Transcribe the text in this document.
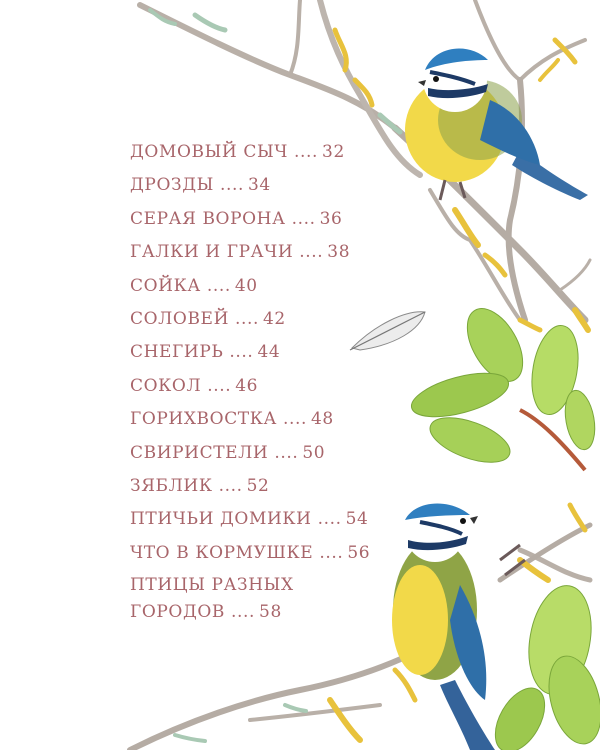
ДОМОВЫЙ СЫЧ .... 32
ДРОЗДЫ .... 34
СЕРАЯ ВОРОНА .... 36
ГАЛКИ И ГРАЧИ .... 38
СОЙКА .... 40
СОЛОВЕЙ .... 42
СНЕГИРЬ .... 44
СОКОЛ .... 46
ГОРИХВОСТКА .... 48
СВИРИСТЕЛИ .... 50
ЗЯБЛИК .... 52
ПТИЧЬИ ДОМИКИ .... 54
ЧТО В КОРМУШКЕ .... 56
ПТИЦЫ РАЗНЫХ
ГОРОДОВ .... 58
